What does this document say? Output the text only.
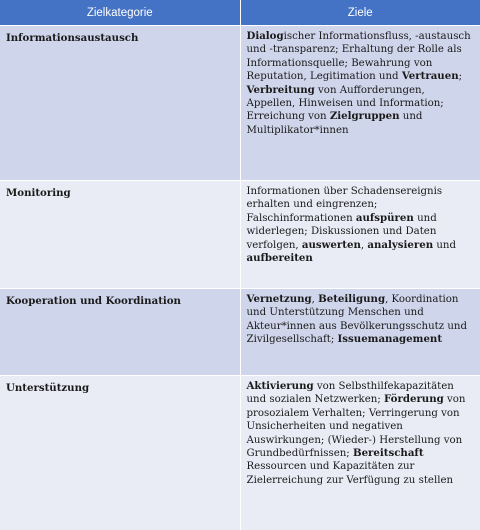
Zielkategorie	Ziele
Informationsaustausch	Dialogischer Informationsfluss, -austausch und -transparenz; Erhaltung der Rolle als Informationsquelle; Bewahrung von Reputation, Legitimation und Vertrauen; Verbreitung von Aufforderungen, Appellen, Hinweisen und Information; Erreichung von Zielgruppen und Multiplikator*innen
Monitoring	Informationen über Schadensereignis erhalten und eingrenzen; Falschinformationen aufspüren und widerlegen; Diskussionen und Daten verfolgen, auswerten, analysieren und aufbereiten
Kooperation und Koordination	Vernetzung, Beteiligung, Koordination und Unterstützung Menschen und Akteur*innen aus Bevölkerungsschutz und Zivilgesellschaft; Issuemanagement
Unterstützung	Aktivierung von Selbsthilfekapazitäten und sozialen Netzwerken; Förderung von prosozialem Verhalten; Verringerung von Unsicherheiten und negativen Auswirkungen; (Wieder-) Herstellung von Grundbedürfnissen; Bereitschaft Ressourcen und Kapazitäten zur Zielerreichung zur Verfügung zu stellen
